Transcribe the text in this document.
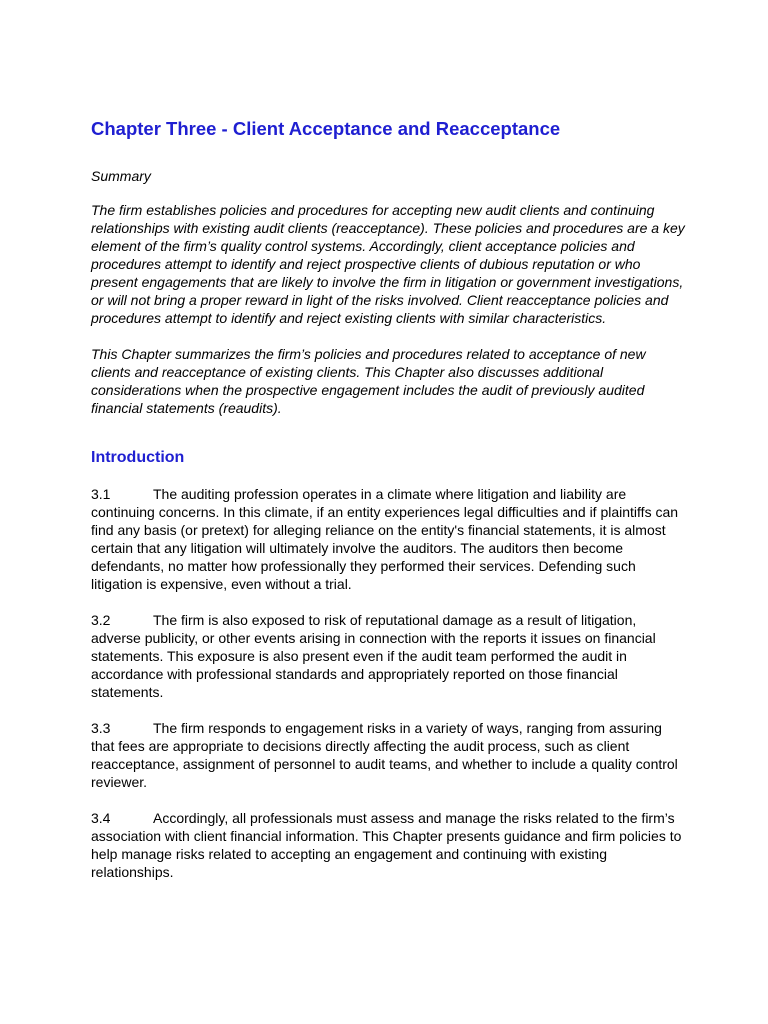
Chapter Three - Client Acceptance and Reacceptance

Summary

The firm establishes policies and procedures for accepting new audit clients and continuing relationships with existing audit clients (reacceptance). These policies and procedures are a key element of the firm’s quality control systems. Accordingly, client acceptance policies and procedures attempt to identify and reject prospective clients of dubious reputation or who present engagements that are likely to involve the firm in litigation or government investigations, or will not bring a proper reward in light of the risks involved. Client reacceptance policies and procedures attempt to identify and reject existing clients with similar characteristics.

This Chapter summarizes the firm’s policies and procedures related to acceptance of new clients and reacceptance of existing clients. This Chapter also discusses additional considerations when the prospective engagement includes the audit of previously audited financial statements (reaudits).

Introduction

3.1	The auditing profession operates in a climate where litigation and liability are continuing concerns. In this climate, if an entity experiences legal difficulties and if plaintiffs can find any basis (or pretext) for alleging reliance on the entity's financial statements, it is almost certain that any litigation will ultimately involve the auditors. The auditors then become defendants, no matter how professionally they performed their services. Defending such litigation is expensive, even without a trial.

3.2	The firm is also exposed to risk of reputational damage as a result of litigation, adverse publicity, or other events arising in connection with the reports it issues on financial statements. This exposure is also present even if the audit team performed the audit in accordance with professional standards and appropriately reported on those financial statements.

3.3	The firm responds to engagement risks in a variety of ways, ranging from assuring that fees are appropriate to decisions directly affecting the audit process, such as client reacceptance, assignment of personnel to audit teams, and whether to include a quality control reviewer.

3.4	Accordingly, all professionals must assess and manage the risks related to the firm’s association with client financial information. This Chapter presents guidance and firm policies to help manage risks related to accepting an engagement and continuing with existing relationships.
